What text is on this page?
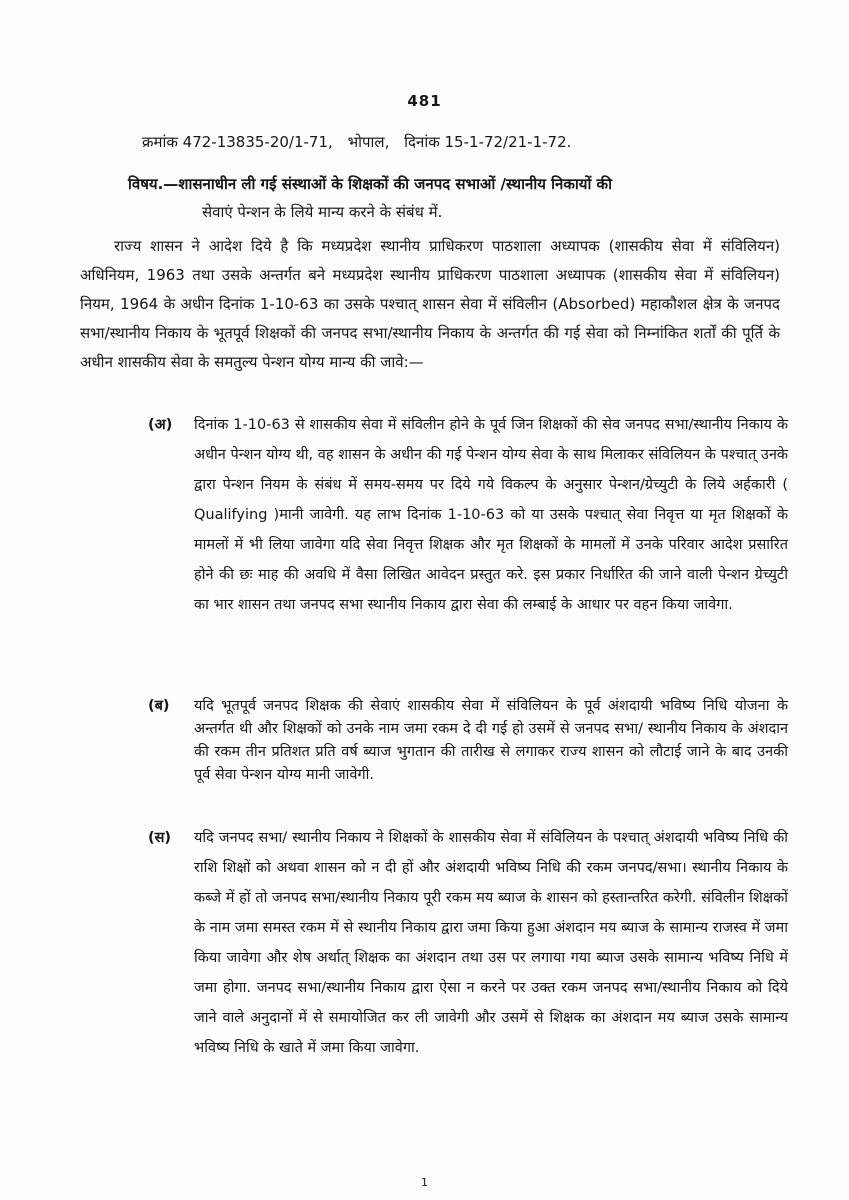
481
क्रमांक 472-13835-20/1-71, भोपाल, दिनांक 15-1-72/21-1-72.
विषय.—शासनाधीन ली गई संस्थाओं के शिक्षकों की जनपद सभाओं /स्थानीय निकायों की
सेवाएं पेन्शन के लिये मान्य करने के संबंध में.
राज्य शासन ने आदेश दिये है कि मध्यप्रदेश स्थानीय प्राधिकरण पाठशाला अध्यापक (शासकीय सेवा में संविलियन) अधिनियम, 1963 तथा उसके अन्तर्गत बने मध्यप्रदेश स्थानीय प्राधिकरण पाठशाला अध्यापक (शासकीय सेवा में संविलियन) नियम, 1964 के अधीन दिनांक 1-10-63 का उसके पश्चात् शासन सेवा में संविलीन (Absorbed) महाकौशल क्षेत्र के जनपद सभा/स्थानीय निकाय के भूतपूर्व शिक्षकों की जनपद सभा/स्थानीय निकाय के अन्तर्गत की गई सेवा को निम्नांकित शर्तों की पूर्ति के अधीन शासकीय सेवा के समतुल्य पेन्शन योग्य मान्य की जावे:—
(अ)	दिनांक 1-10-63 से शासकीय सेवा में संविलीन होने के पूर्व जिन शिक्षकों की सेव जनपद सभा/स्थानीय निकाय के अधीन पेन्शन योग्य थी, वह शासन के अधीन की गई पेन्शन योग्य सेवा के साथ मिलाकर संविलियन के पश्चात् उनके द्वारा पेन्शन नियम के संबंध में समय-समय पर दिये गये विकल्प के अनुसार पेन्शन/ग्रेच्युटी के लिये अर्हकारी ( Qualifying )मानी जावेगी. यह लाभ दिनांक 1-10-63 को या उसके पश्चात् सेवा निवृत्त या मृत शिक्षकों के मामलों में भी लिया जावेगा यदि सेवा निवृत्त शिक्षक और मृत शिक्षकों के मामलों में उनके परिवार आदेश प्रसारित होने की छः माह की अवधि में वैसा लिखित आवेदन प्रस्तुत करे. इस प्रकार निर्धारित की जाने वाली पेन्शन ग्रेच्युटी का भार शासन तथा जनपद सभा स्थानीय निकाय द्वारा सेवा की लम्बाई के आधार पर वहन किया जावेगा.
(ब)	यदि भूतपूर्व जनपद शिक्षक की सेवाएं शासकीय सेवा में संविलियन के पूर्व अंशदायी भविष्य निधि योजना के अन्तर्गत थी और शिक्षकों को उनके नाम जमा रकम दे दी गई हो उसमें से जनपद सभा/ स्थानीय निकाय के अंशदान की रकम तीन प्रतिशत प्रति वर्ष ब्याज भुगतान की तारीख से लगाकर राज्य शासन को लौटाई जाने के बाद उनकी पूर्व सेवा पेन्शन योग्य मानी जावेगी.
(स)	यदि जनपद सभा/ स्थानीय निकाय ने शिक्षकों के शासकीय सेवा में संविलियन के पश्चात् अंशदायी भविष्य निधि की राशि शिक्षों को अथवा शासन को न दी हों और अंशदायी भविष्य निधि की रकम जनपद/सभा। स्थानीय निकाय के कब्जे में हों तो जनपद सभा/स्थानीय निकाय पूरी रकम मय ब्याज के शासन को हस्तान्तरित करेगी. संविलीन शिक्षकों के नाम जमा समस्त रकम में से स्थानीय निकाय द्वारा जमा किया हुआ अंशदान मय ब्याज के सामान्य राजस्व में जमा किया जावेगा और शेष अर्थात् शिक्षक का अंशदान तथा उस पर लगाया गया ब्याज उसके सामान्य भविष्य निधि में जमा होगा. जनपद सभा/स्थानीय निकाय द्वारा ऐसा न करने पर उक्त रकम जनपद सभा/स्थानीय निकाय को दिये जाने वाले अनुदानों में से समायोजित कर ली जावेगी और उसमें से शिक्षक का अंशदान मय ब्याज उसके सामान्य भविष्य निधि के खाते में जमा किया जावेगा.
1
